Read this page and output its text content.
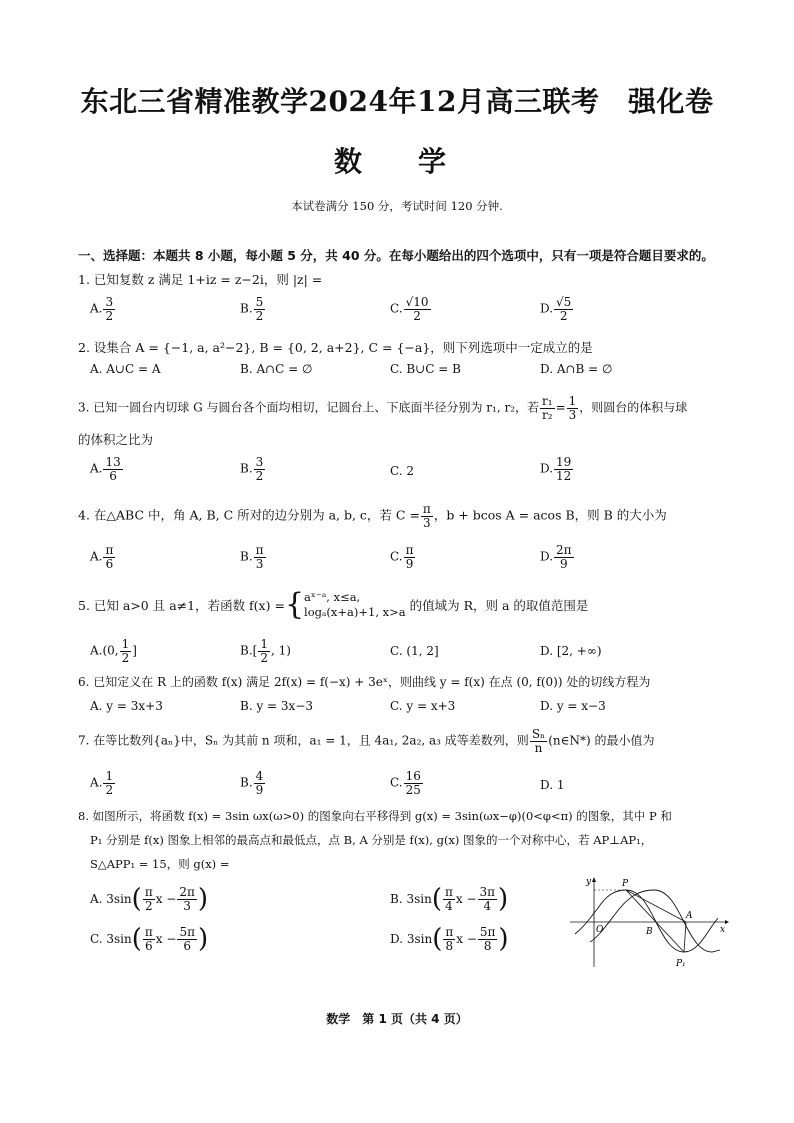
东北三省精准教学2024年12月高三联考　强化卷
数　学
本试卷满分 150 分，考试时间 120 分钟.
一、选择题：本题共 8 小题，每小题 5 分，共 40 分。在每小题给出的四个选项中，只有一项是符合题目要求的。
1. 已知复数 z 满足 1+iz = z−2i，则 |z| =
A. $\frac{3}{2}$	B. $\frac{5}{2}$	C. $\frac{√10}{2}$	D. $\frac{√5}{2}$
2. 设集合 A = {−1, a, a²−2}, B = {0, 2, a+2}, C = {−a}，则下列选项中一定成立的是
A. A∪C = A	B. A∩C = ∅	C. B∪C = B	D. A∩B = ∅
3. 已知一圆台内切球 G 与圆台各个面均相切，记圆台上、下底面半径分别为 r₁, r₂，若 $\frac{\text{r₁}}{\text{r₂}} = \frac{1}{3}$ ，则圆台的体积与球
的体积之比为
A. $\frac{13}{6}$	B. $\frac{3}{2}$	C. 2	D. $\frac{19}{12}$
4. 在△ABC 中，角 A, B, C 所对的边分别为 a, b, c，若 $C = \frac{\pi}{3}$ ，b + bcos A = acos B，则 B 的大小为
A. $\frac{\pi}{6}$	B. $\frac{\pi}{3}$	C. $\frac{\pi}{9}$	D. $\frac{2\pi}{9}$
5. 已知 a>0 且 a≠1，若函数 f(x) = { aˣ⁻ᵃ, x≤a,
logₐ(x+a)+1, x>a 的值域为 R，则 a 的取值范围是
A.(0, $\frac{1}{2}$ ]	$B.[ \frac{1}{2}$ , 1)	C. (1, 2]	D. [2, +∞)
6. 已知定义在 R 上的函数 f(x) 满足 2f(x) = f(−x) + 3eˣ，则曲线 y = f(x) 在点 (0, f(0)) 处的切线方程为
A. y = 3x+3	B. y = 3x−3	C. y = x+3	D. y = x−3
7. 在等比数列{aₙ}中，Sₙ 为其前 n 项和，a₁ = 1，且 4a₁, 2a₂, a₃ 成等差数列，则 $\frac{\text{Sₙ}}{n}$ (n∈N*) 的最小值为
A. $\frac{1}{2}$	B. $\frac{4}{9}$	C. $\frac{16}{25}$	D. 1
8. 如图所示，将函数 f(x) = 3sin ωx(ω>0) 的图象向右平移得到 g(x) = 3sin(ωx−φ)(0<φ<π) 的图象，其中 P 和
P₁ 分别是 f(x) 图象上相邻的最高点和最低点，点 B, A 分别是 f(x), g(x) 图象的一个对称中心，若 AP⊥AP₁，
S△APP₁ = 15，则 g(x) =
A. 3sin ( $\frac{\pi}{2}$ $x - \frac{2\pi}{3}$ )	B. 3sin ( $\frac{\pi}{4}$ $x - \frac{3\pi}{4}$ )
C. 3sin ( $\frac{\pi}{6}$ $x - \frac{5\pi}{6}$ )	D. 3sin ( $\frac{\pi}{8}$ $x - \frac{5\pi}{8}$ )
y
x
O
P
A
B
P₁
数学　第 1 页（共 4 页）
